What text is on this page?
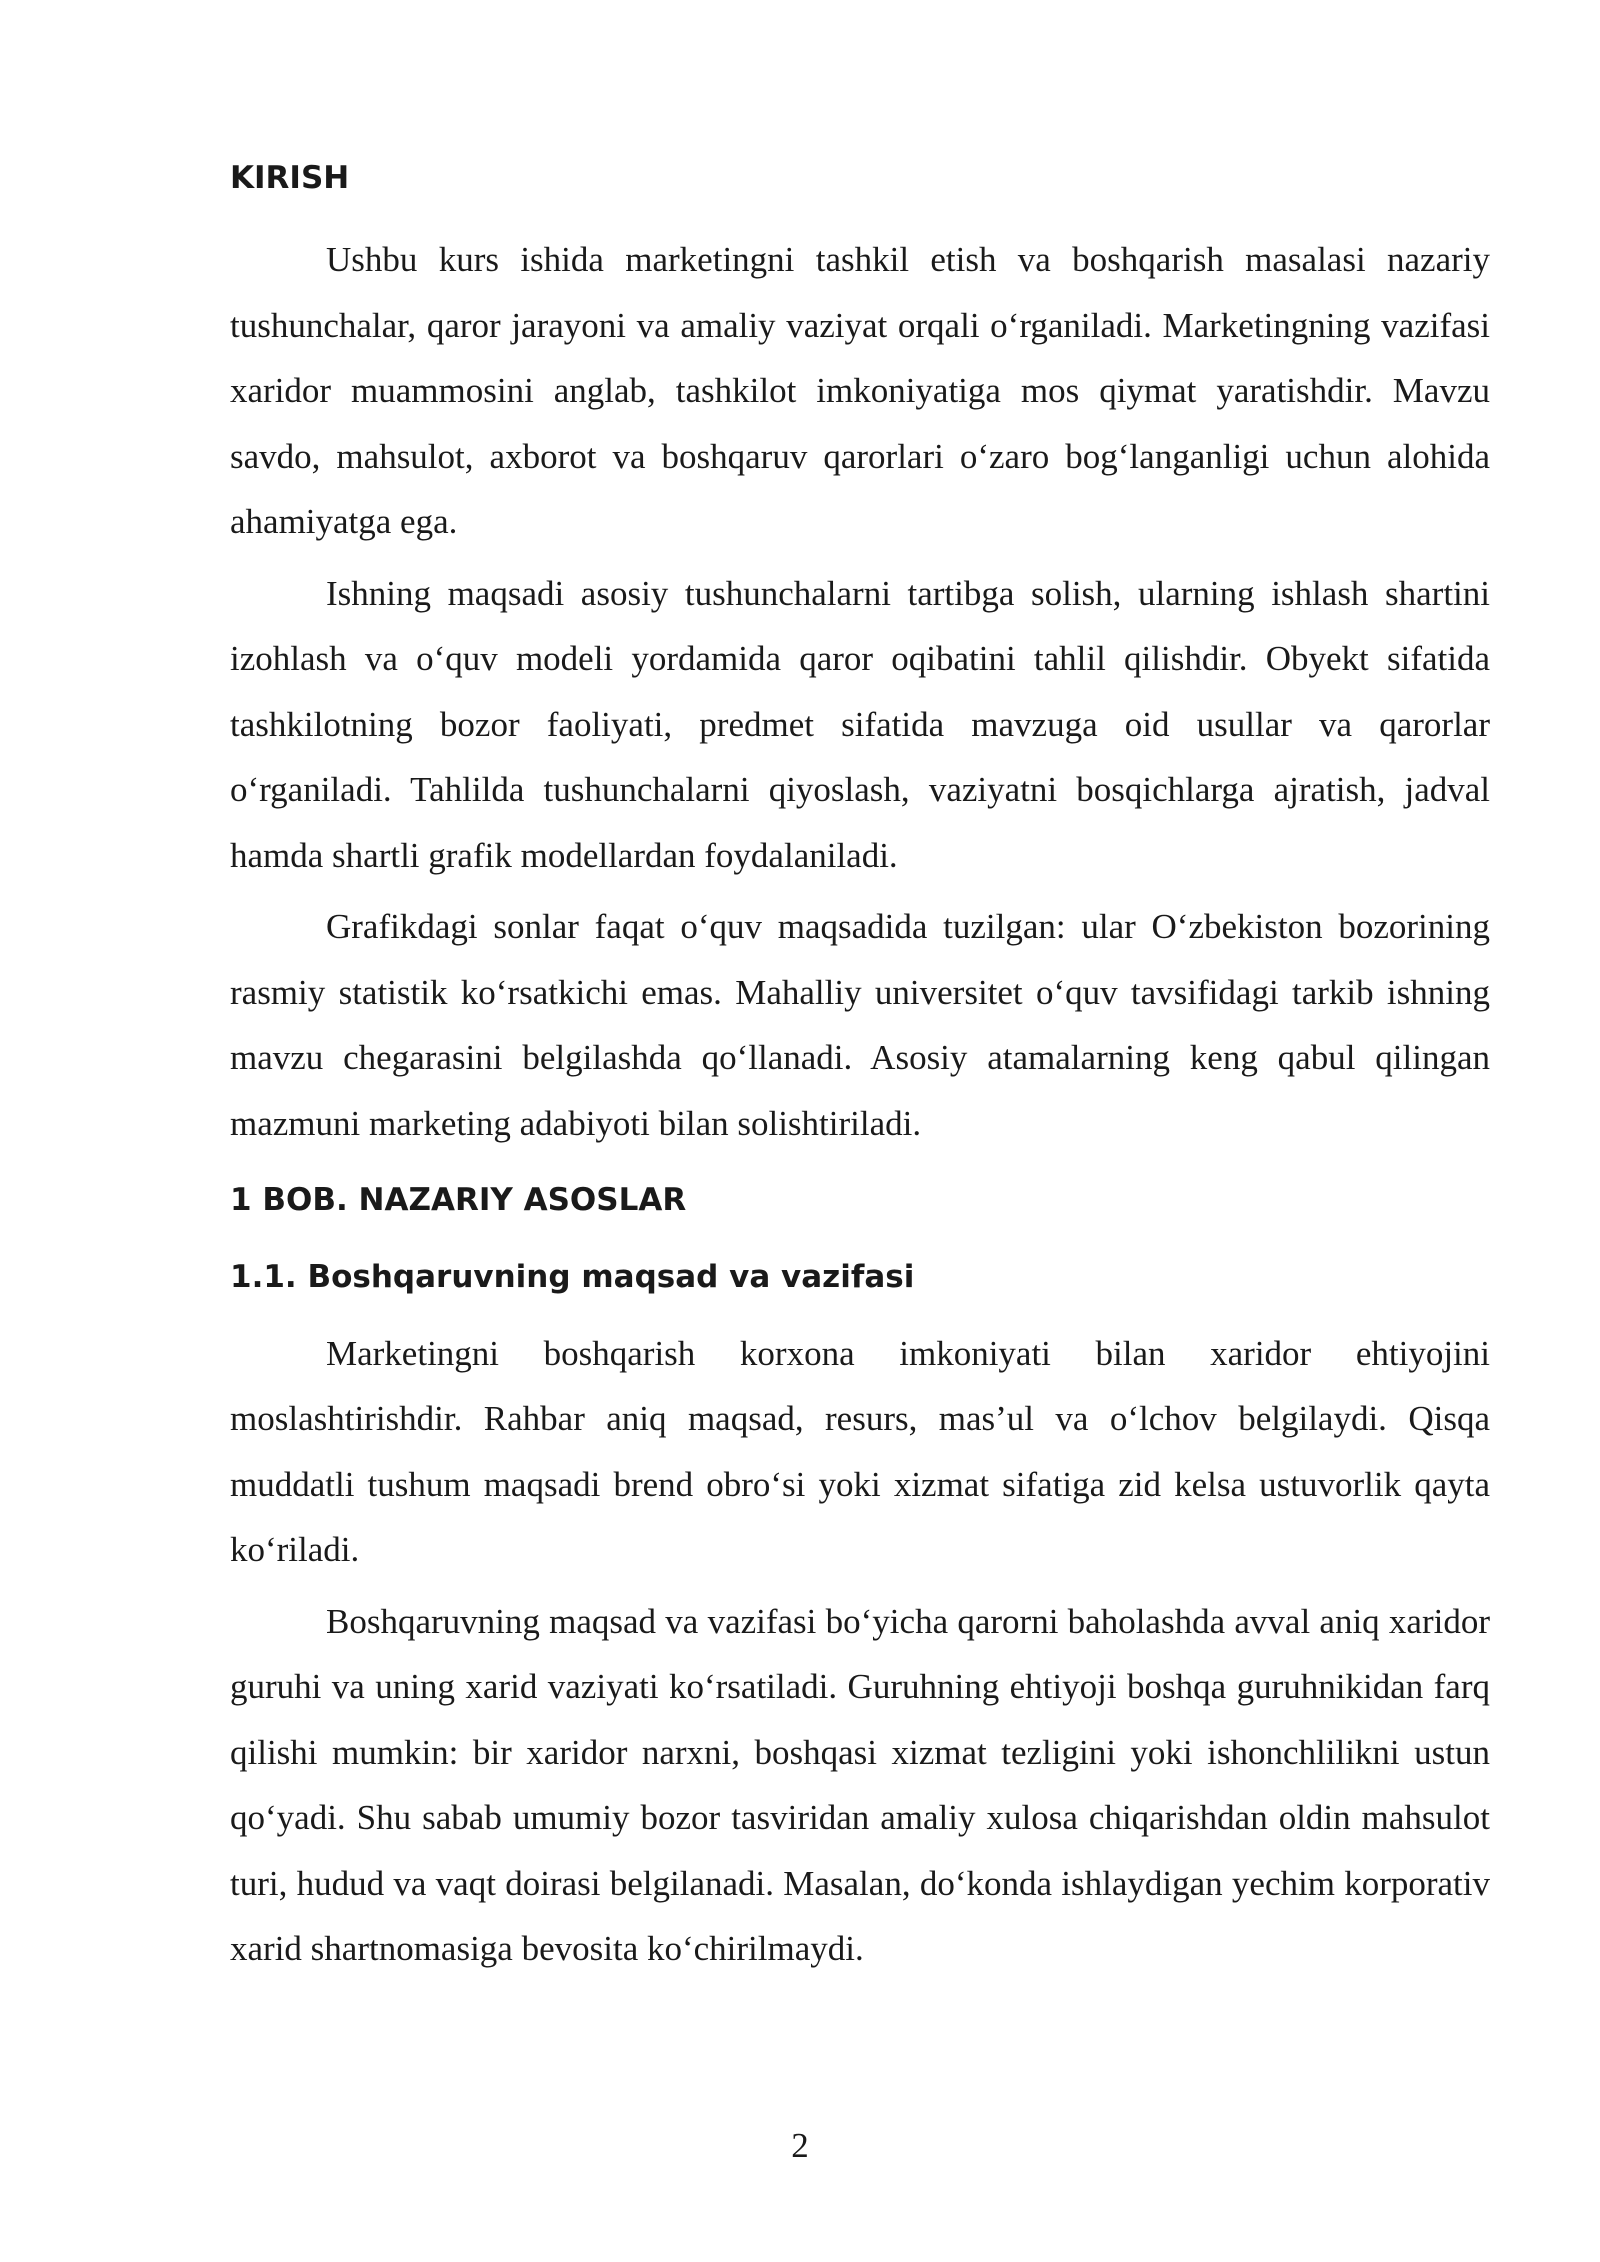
KIRISH

Ushbu kurs ishida marketingni tashkil etish va boshqarish masalasi nazariy tushunchalar, qaror jarayoni va amaliy vaziyat orqali o‘rganiladi. Marketingning vazifasi xaridor muammosini anglab, tashkilot imkoniyatiga mos qiymat yaratishdir. Mavzu savdo, mahsulot, axborot va boshqaruv qarorlari o‘zaro bog‘langanligi uchun alohida ahamiyatga ega.

Ishning maqsadi asosiy tushunchalarni tartibga solish, ularning ishlash shartini izohlash va o‘quv modeli yordamida qaror oqibatini tahlil qilishdir. Obyekt sifatida tashkilotning bozor faoliyati, predmet sifatida mavzuga oid usullar va qarorlar o‘rganiladi. Tahlilda tushunchalarni qiyoslash, vaziyatni bosqichlarga ajratish, jadval hamda shartli grafik modellardan foydalaniladi.

Grafikdagi sonlar faqat o‘quv maqsadida tuzilgan: ular O‘zbekiston bozorining rasmiy statistik ko‘rsatkichi emas. Mahalliy universitet o‘quv tavsifidagi tarkib ishning mavzu chegarasini belgilashda qo‘llanadi. Asosiy atamalarning keng qabul qilingan mazmuni marketing adabiyoti bilan solishtiriladi.

1 BOB. NAZARIY ASOSLAR
1.1. Boshqaruvning maqsad va vazifasi

Marketingni boshqarish korxona imkoniyati bilan xaridor ehtiyojini moslashtirishdir. Rahbar aniq maqsad, resurs, mas’ul va o‘lchov belgilaydi. Qisqa muddatli tushum maqsadi brend obro‘si yoki xizmat sifatiga zid kelsa ustuvorlik qayta ko‘riladi.

Boshqaruvning maqsad va vazifasi bo‘yicha qarorni baholashda avval aniq xaridor guruhi va uning xarid vaziyati ko‘rsatiladi. Guruhning ehtiyoji boshqa guruhnikidan farq qilishi mumkin: bir xaridor narxni, boshqasi xizmat tezligini yoki ishonchlilikni ustun qo‘yadi. Shu sabab umumiy bozor tasviridan amaliy xulosa chiqarishdan oldin mahsulot turi, hudud va vaqt doirasi belgilanadi. Masalan, do‘konda ishlaydigan yechim korporativ xarid shartnomasiga bevosita ko‘chirilmaydi.

2
